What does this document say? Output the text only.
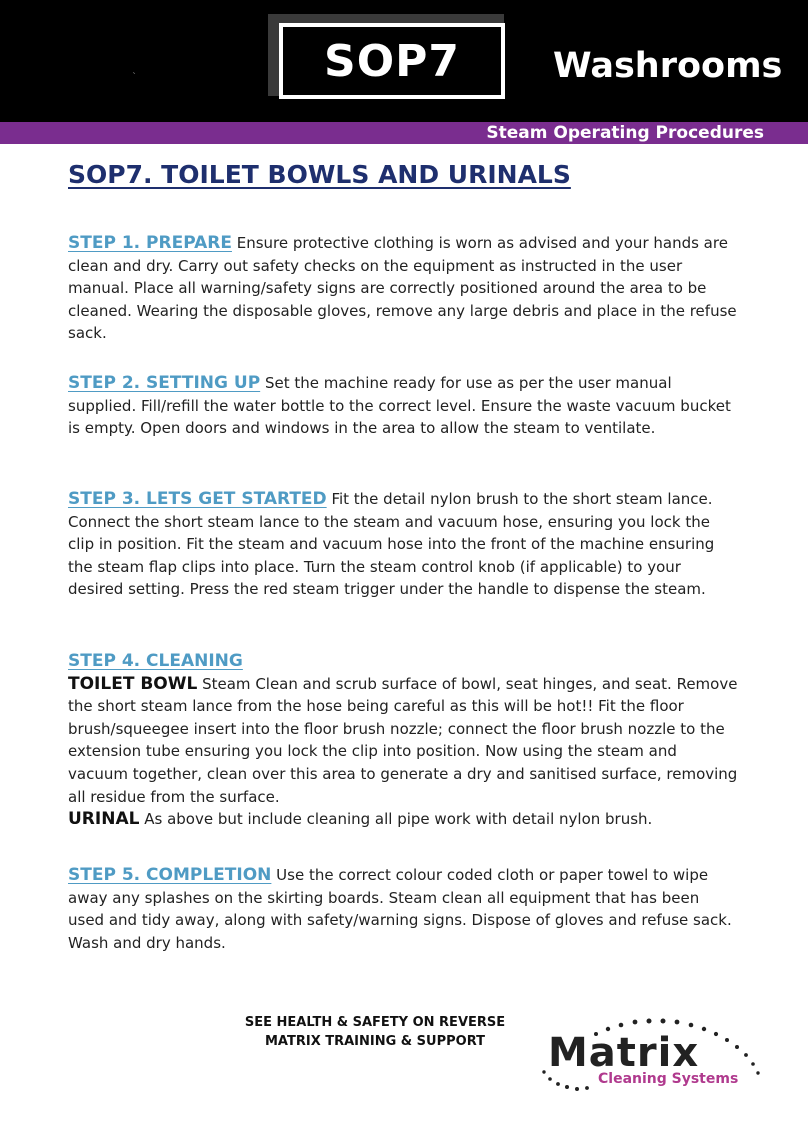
`	SOP7	Washrooms
Steam Operating Procedures
SOP7. TOILET BOWLS AND URINALS

STEP 1. PREPARE Ensure protective clothing is worn as advised and your hands are clean and dry. Carry out safety checks on the equipment as instructed in the user manual. Place all warning/safety signs are correctly positioned around the area to be cleaned. Wearing the disposable gloves, remove any large debris and place in the refuse sack.

STEP 2. SETTING UP Set the machine ready for use as per the user manual supplied. Fill/refill the water bottle to the correct level. Ensure the waste vacuum bucket is empty. Open doors and windows in the area to allow the steam to ventilate.

STEP 3. LETS GET STARTED Fit the detail nylon brush to the short steam lance. Connect the short steam lance to the steam and vacuum hose, ensuring you lock the clip in position. Fit the steam and vacuum hose into the front of the machine ensuring the steam flap clips into place. Turn the steam control knob (if applicable) to your desired setting. Press the red steam trigger under the handle to dispense the steam.

STEP 4. CLEANING
TOILET BOWL Steam Clean and scrub surface of bowl, seat hinges, and seat. Remove the short steam lance from the hose being careful as this will be hot!! Fit the floor brush/squeegee insert into the floor brush nozzle; connect the floor brush nozzle to the extension tube ensuring you lock the clip into position. Now using the steam and vacuum together, clean over this area to generate a dry and sanitised surface, removing all residue from the surface.
URINAL As above but include cleaning all pipe work with detail nylon brush.

STEP 5. COMPLETION Use the correct colour coded cloth or paper towel to wipe away any splashes on the skirting boards. Steam clean all equipment that has been used and tidy away, along with safety/warning signs. Dispose of gloves and refuse sack. Wash and dry hands.

SEE HEALTH & SAFETY ON REVERSE
MATRIX TRAINING & SUPPORT	Matrix
Cleaning Systems
